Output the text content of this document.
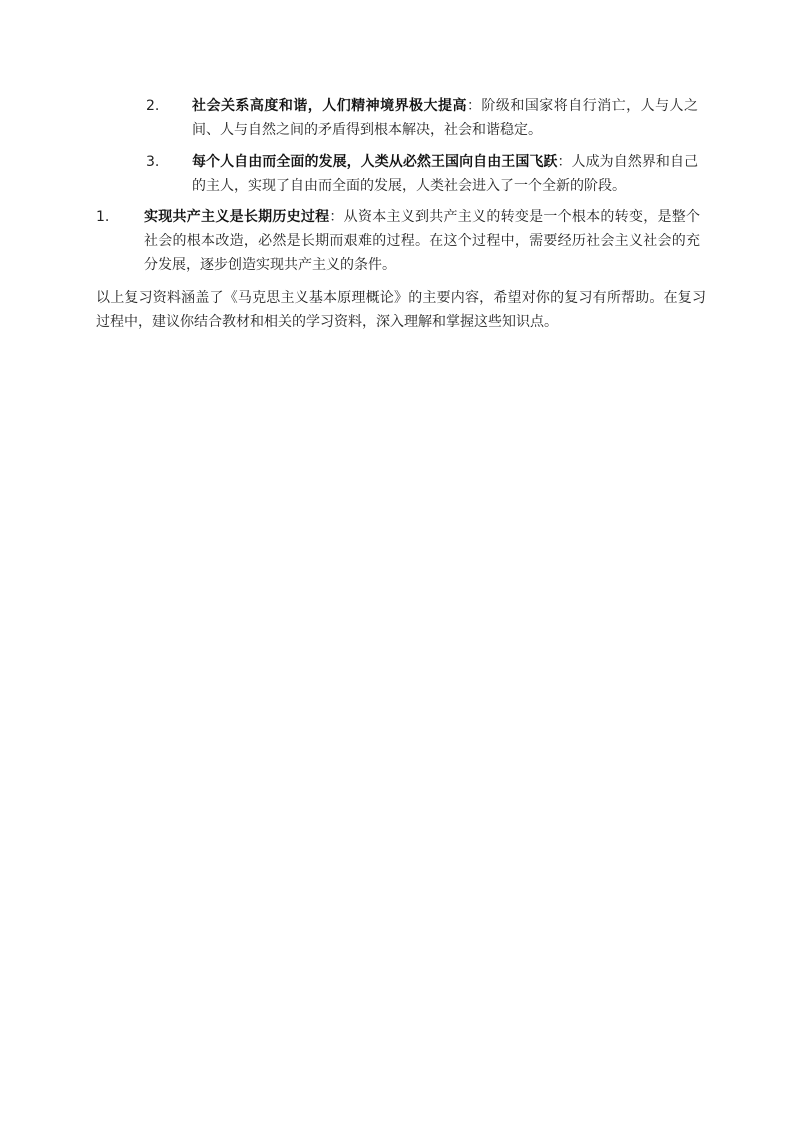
2. 社会关系高度和谐，人们精神境界极大提高：阶级和国家将自行消亡，人与人之间、人与自然之间的矛盾得到根本解决，社会和谐稳定。
3. 每个人自由而全面的发展，人类从必然王国向自由王国飞跃：人成为自然界和自己的主人，实现了自由而全面的发展，人类社会进入了一个全新的阶段。
1. 实现共产主义是长期历史过程：从资本主义到共产主义的转变是一个根本的转变，是整个社会的根本改造，必然是长期而艰难的过程。在这个过程中，需要经历社会主义社会的充分发展，逐步创造实现共产主义的条件。

以上复习资料涵盖了《马克思主义基本原理概论》的主要内容，希望对你的复习有所帮助。在复习过程中，建议你结合教材和相关的学习资料，深入理解和掌握这些知识点。
